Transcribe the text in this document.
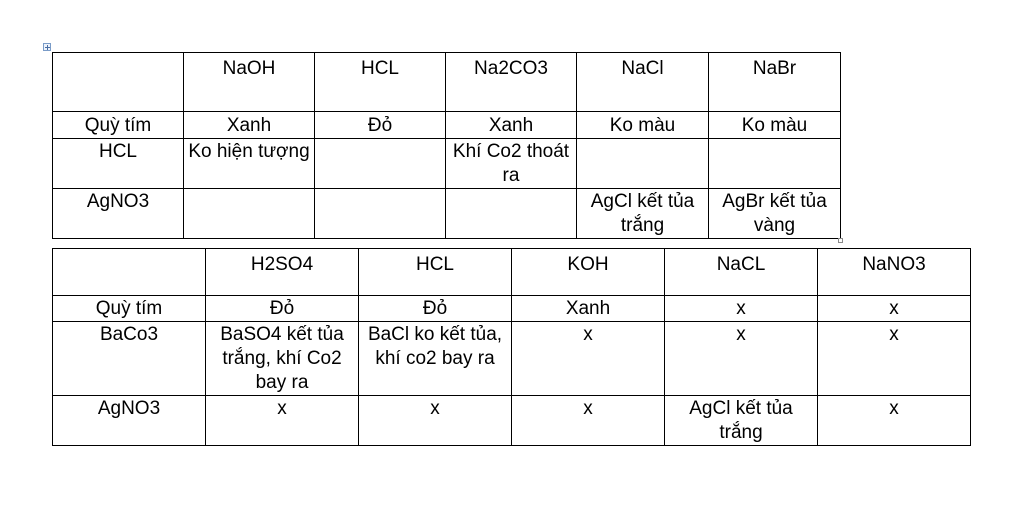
	NaOH	HCL	Na2CO3	NaCl	NaBr
Quỳ tím	Xanh	Đỏ	Xanh	Ko màu	Ko màu
HCL	Ko hiện tượng		Khí Co2 thoát ra		
AgNO3				AgCl kết tủa trắng	AgBr kết tủa vàng
	H2SO4	HCL	KOH	NaCL	NaNO3
Quỳ tím	Đỏ	Đỏ	Xanh	x	x
BaCo3	BaSO4 kết tủa trắng, khí Co2 bay ra	BaCl ko kết tủa, khí co2 bay ra	x	x	x
AgNO3	x	x	x	AgCl kết tủa trắng	x
